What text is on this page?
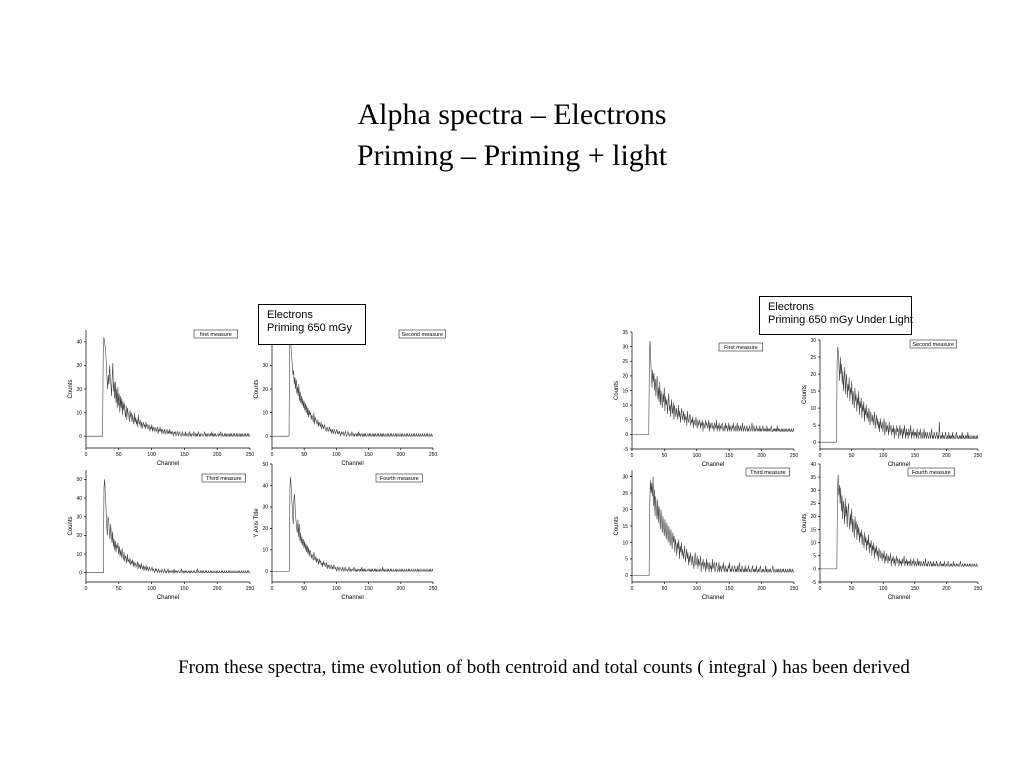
Alpha spectra – Electrons
Priming – Priming + light
Electrons
Priming 650 mGy
Electrons
Priming 650 mGy Under Light
0	50	100	150	200	250
0
10
20
30
40
Channel
Counts
first measure
0	50	100	150	200	250
0
10
20
30
Channel
Counts
Second measure
0	50	100	150	200	250
0
10
20
30
40
50
Channel
Counts
Third measure
0	50	100	150	200	250
0
10
20
30
40
50
Channel
Y Axis Title
Fourth measure
0	50	100	150	200	250
-5
0
5
10
15
20
25
30
35
Channel
Counts
First measure
0	50	100	150	200	250
0
5
10
15
20
25
30
Channel
Counts
Second measure
0	50	100	150	200	250
0
5
10
15
20
25
30
Channel
Counts
Third measure
0	50	100	150	200	250
-5
0
5
10
15
20
25
30
35
40
Channel
Counts
Fourth measure

From these spectra, time evolution of both centroid and total counts ( integral ) has been derived
